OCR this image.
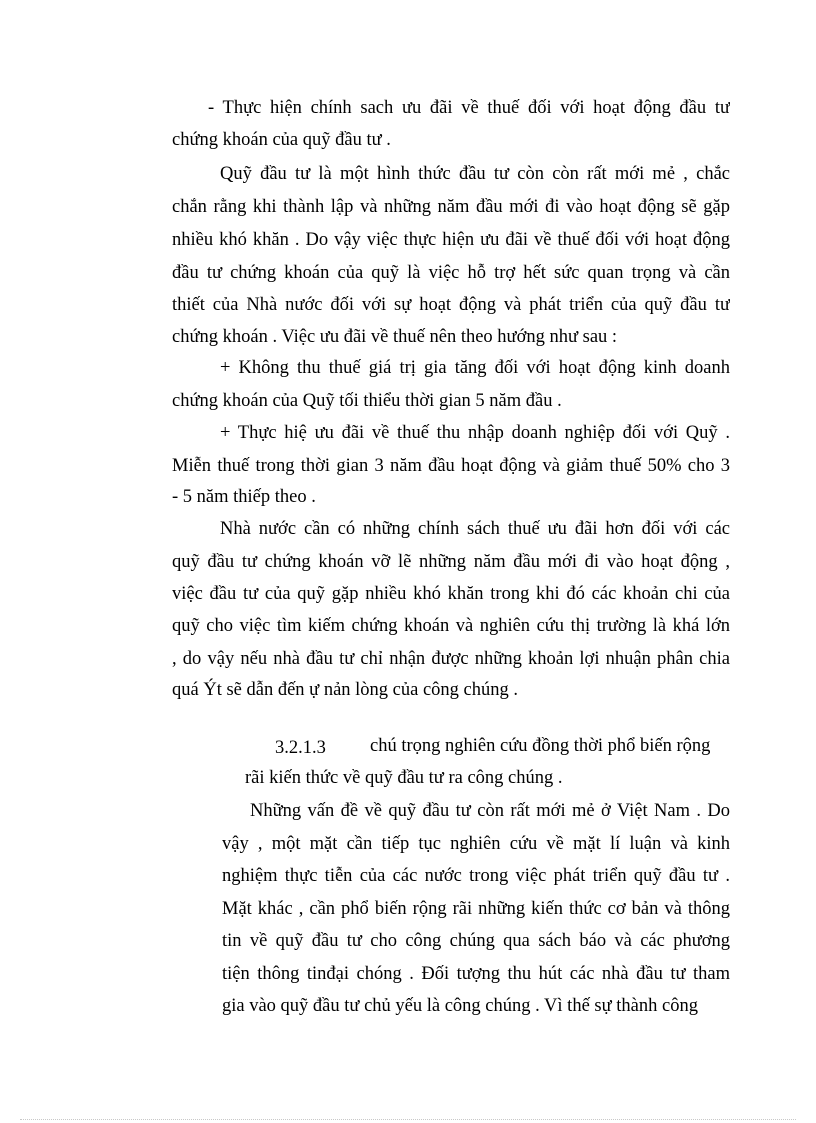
- Thực hiện chính sach ưu đãi về thuế đối với hoạt động đầu tư
chứng khoán của quỹ đầu tư .
Quỹ đầu tư là một hình thức đầu tư còn còn rất mới mẻ , chắc
chắn rằng khi thành lập và những năm đầu mới đi vào hoạt động sẽ gặp
nhiều khó khăn . Do vậy việc thực hiện ưu đãi về thuế đối với hoạt động
đầu tư chứng khoán của quỹ là việc hỗ trợ hết sức quan trọng và cần
thiết của Nhà nước đối với sự hoạt động và phát triển của quỹ đầu tư
chứng khoán . Việc ưu đãi về thuế nên theo hướng như sau :
+ Không thu thuế giá trị gia tăng đối với hoạt động kinh doanh
chứng khoán của Quỹ tối thiểu thời gian 5 năm đầu .
+ Thực hiệ ưu đãi về thuế thu nhập doanh nghiệp đối với Quỹ .
Miễn thuế trong thời gian 3 năm đầu hoạt động và giảm thuế 50% cho 3
- 5 năm thiếp theo .
Nhà nước cần có những chính sách thuế ưu đãi hơn đối với các
quỹ đầu tư chứng khoán vỡ lẽ những năm đầu mới đi vào hoạt động ,
việc đầu tư của quỹ gặp nhiều khó khăn trong khi đó các khoản chi của
quỹ cho việc tìm kiếm chứng khoán và nghiên cứu thị trường là khá lớn
, do vậy nếu nhà đầu tư chỉ nhận được những khoản lợi nhuận phân chia
quá Ýt sẽ dẫn đến ự nản lòng của công chúng .
3.2.1.3 chú trọng nghiên cứu đồng thời phổ biến rộng
rãi kiến thức về quỹ đầu tư ra công chúng .
Những vấn đề về quỹ đầu tư còn rất mới mẻ ở Việt Nam . Do
vậy , một mặt cần tiếp tục nghiên cứu về mặt lí luận và kinh
nghiệm thực tiễn của các nước trong việc phát triển quỹ đầu tư .
Mặt khác , cần phổ biến rộng rãi những kiến thức cơ bản và thông
tin về quỹ đầu tư cho công chúng qua sách báo và các phương
tiện thông tinđại chóng . Đối tượng thu hút các nhà đầu tư tham
gia vào quỹ đầu tư chủ yếu là công chúng . Vì thế sự thành công
